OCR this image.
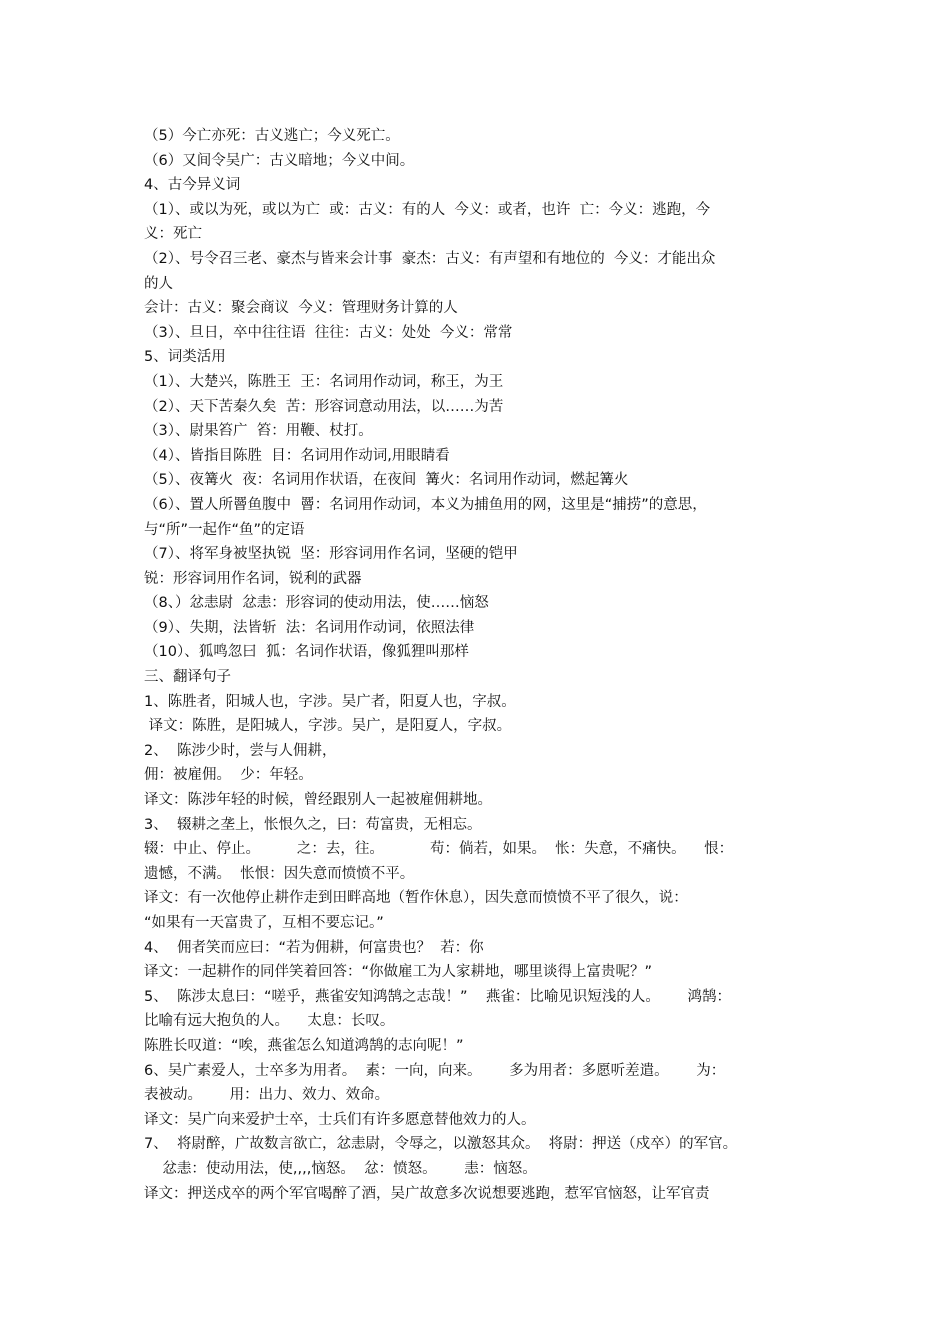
（5）今亡亦死：古义逃亡；今义死亡。
（6）又间令吴广：古义暗地；今义中间。
4、古今异义词
（1）、或以为死，或以为亡  或：古义：有的人  今义：或者，也许  亡：今义：逃跑，今
义：死亡
（2）、号令召三老、豪杰与皆来会计事  豪杰：古义：有声望和有地位的  今义：才能出众
的人
会计：古义：聚会商议  今义：管理财务计算的人
（3）、旦日，卒中往往语  往往：古义：处处  今义：常常
5、词类活用
（1）、大楚兴，陈胜王  王：名词用作动词，称王，为王
（2）、天下苦秦久矣  苦：形容词意动用法，以……为苦
（3）、尉果笞广  笞：用鞭、杖打。
（4）、皆指目陈胜  目：名词用作动词,用眼睛看
（5）、夜篝火  夜：名词用作状语，在夜间  篝火：名词用作动词，燃起篝火
（6）、置人所罾鱼腹中  罾：名词用作动词，本义为捕鱼用的网，这里是“捕捞”的意思，
与“所”一起作“鱼”的定语
（7）、将军身被坚执锐  坚：形容词用作名词，坚硬的铠甲
锐：形容词用作名词，锐利的武器
（8、）忿恚尉  忿恚：形容词的使动用法，使……恼怒
（9）、失期，法皆斩  法：名词用作动词，依照法律
（10）、狐鸣忽曰  狐：名词作状语，像狐狸叫那样
三、翻译句子
1、陈胜者，阳城人也，字涉。吴广者，阳夏人也，字叔。
译文：陈胜，是阳城人，字涉。吴广，是阳夏人，字叔。
2、  陈涉少时，尝与人佣耕，
佣：被雇佣。  少：年轻。
译文：陈涉年轻的时候，曾经跟别人一起被雇佣耕地。
3、  辍耕之垄上，怅恨久之，曰：苟富贵，无相忘。
辍：中止、停止。        之：去，往。          苟：倘若，如果。  怅：失意，不痛快。    恨：
遗憾，不满。  怅恨：因失意而愤愤不平。
译文：有一次他停止耕作走到田畔高地（暂作休息），因失意而愤愤不平了很久，说：
“如果有一天富贵了，互相不要忘记。”
4、  佣者笑而应曰：“若为佣耕，何富贵也？  若：你
译文：一起耕作的同伴笑着回答：“你做雇工为人家耕地，哪里谈得上富贵呢？”
5、  陈涉太息曰：“嗟乎，燕雀安知鸿鹄之志哉！”    燕雀：比喻见识短浅的人。      鸿鹄：
比喻有远大抱负的人。    太息：长叹。
陈胜长叹道：“唉，燕雀怎么知道鸿鹄的志向呢！”
6、吴广素爱人，士卒多为用者。  素：一向，向来。      多为用者：多愿听差遣。      为：
表被动。      用：出力、效力、效命。
译文：吴广向来爱护士卒，士兵们有许多愿意替他效力的人。
7、  将尉醉，广故数言欲亡，忿恚尉，令辱之，以激怒其众。  将尉：押送（戍卒）的军官。
忿恚：使动用法，使,,,,恼怒。  忿：愤怒。      恚：恼怒。
译文：押送戍卒的两个军官喝醉了酒，吴广故意多次说想要逃跑，惹军官恼怒，让军官责
